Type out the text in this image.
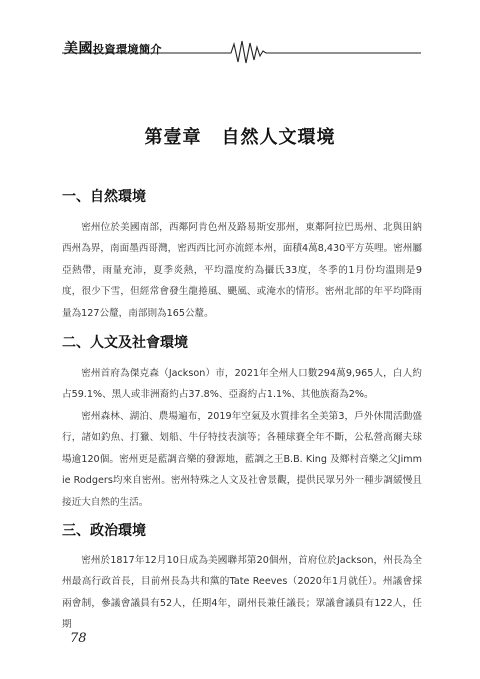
美國投資環境簡介
第壹章 自然人文環境
一、自然環境

密州位於美國南部，西鄰阿肯色州及路易斯安那州，東鄰阿拉巴馬州、北與田納西州為界，南面墨西哥灣，密西西比河亦流經本州，面積4萬8,430平方英哩。密州屬亞熱帶，雨量充沛，夏季炎熱，平均溫度約為攝氏33度，冬季的1月份均溫則是9度，很少下雪，但經常會發生龍捲風、颶風、或淹水的情形。密州北部的年平均降雨量為127公釐，南部則為165公釐。

二、人文及社會環境

密州首府為傑克森（Jackson）市，2021年全州人口數294萬9,965人，白人約占59.1%、黑人或非洲裔約占37.8%、亞裔約占1.1%、其他族裔為2%。

密州森林、湖泊、農場遍布，2019年空氣及水質排名全美第3，戶外休閒活動盛行，諸如釣魚、打獵、划船、牛仔特技表演等；各種球賽全年不斷，公私營高爾夫球場逾120個。密州更是藍調音樂的發源地，藍調之王B.B. King 及鄉村音樂之父Jimmie Rodgers均來自密州。密州特殊之人文及社會景觀，提供民眾另外一種步調緩慢且接近大自然的生活。

三、政治環境

密州於1817年12月10日成為美國聯邦第20個州，首府位於Jackson，州長為全州最高行政首長，目前州長為共和黨的Tate Reeves（2020年1月就任）。州議會採兩會制，參議會議員有52人，任期4年，副州長兼任議長；眾議會議員有122人，任期

78
